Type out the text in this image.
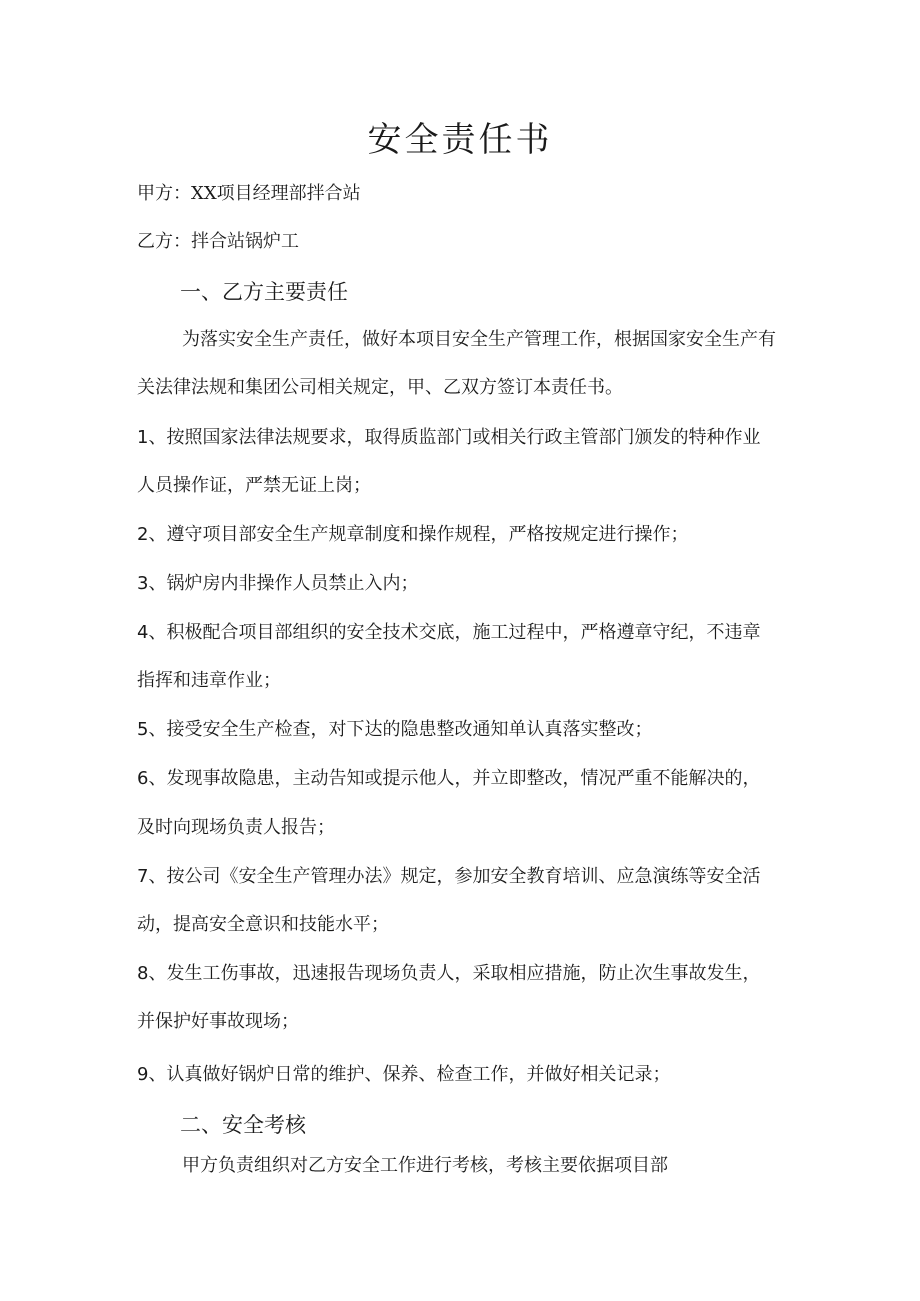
安全责任书

甲方：XX项目经理部拌合站

乙方：拌合站锅炉工

一、乙方主要责任

为落实安全生产责任，做好本项目安全生产管理工作，根据国家安全生产有

关法律法规和集团公司相关规定，甲、乙双方签订本责任书。

1、按照国家法律法规要求，取得质监部门或相关行政主管部门颁发的特种作业

人员操作证，严禁无证上岗；

2、遵守项目部安全生产规章制度和操作规程，严格按规定进行操作；

3、锅炉房内非操作人员禁止入内；

4、积极配合项目部组织的安全技术交底，施工过程中，严格遵章守纪，不违章

指挥和违章作业；

5、接受安全生产检查，对下达的隐患整改通知单认真落实整改；

6、发现事故隐患，主动告知或提示他人，并立即整改，情况严重不能解决的，

及时向现场负责人报告；

7、按公司《安全生产管理办法》规定，参加安全教育培训、应急演练等安全活

动，提高安全意识和技能水平；

8、发生工伤事故，迅速报告现场负责人，采取相应措施，防止次生事故发生，

并保护好事故现场；

9、认真做好锅炉日常的维护、保养、检查工作，并做好相关记录；

二、安全考核

甲方负责组织对乙方安全工作进行考核，考核主要依据项目部
